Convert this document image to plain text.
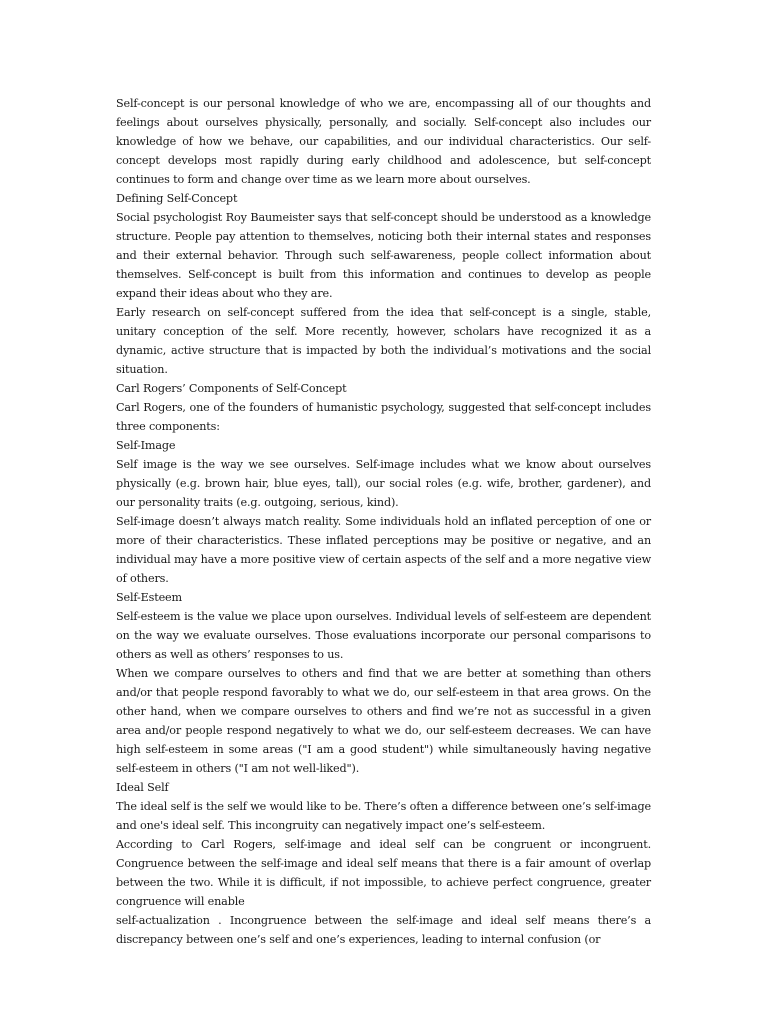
Self-concept is our personal knowledge of who we are, encompassing all of our thoughts and feelings about ourselves physically, personally, and socially. Self-concept also includes our knowledge of how we behave, our capabilities, and our individual characteristics. Our self-concept develops most rapidly during early childhood and adolescence, but self-concept continues to form and change over time as we learn more about ourselves.

Defining Self-Concept

Social psychologist Roy Baumeister says that self-concept should be understood as a knowledge structure. People pay attention to themselves, noticing both their internal states and responses and their external behavior. Through such self-awareness, people collect information about themselves. Self-concept is built from this information and continues to develop as people expand their ideas about who they are.

Early research on self-concept suffered from the idea that self-concept is a single, stable, unitary conception of the self. More recently, however, scholars have recognized it as a dynamic, active structure that is impacted by both the individual’s motivations and the social situation.

Carl Rogers’ Components of Self-Concept

Carl Rogers, one of the founders of humanistic psychology, suggested that self-concept includes three components:

Self-Image

Self image is the way we see ourselves. Self-image includes what we know about ourselves physically (e.g. brown hair, blue eyes, tall), our social roles (e.g. wife, brother, gardener), and our personality traits (e.g. outgoing, serious, kind).

Self-image doesn’t always match reality. Some individuals hold an inflated perception of one or more of their characteristics. These inflated perceptions may be positive or negative, and an individual may have a more positive view of certain aspects of the self and a more negative view of others.

Self-Esteem

Self-esteem is the value we place upon ourselves. Individual levels of self-esteem are dependent on the way we evaluate ourselves. Those evaluations incorporate our personal comparisons to others as well as others’ responses to us.

When we compare ourselves to others and find that we are better at something than others and/or that people respond favorably to what we do, our self-esteem in that area grows. On the other hand, when we compare ourselves to others and find we’re not as successful in a given area and/or people respond negatively to what we do, our self-esteem decreases. We can have high self-esteem in some areas ("I am a good student") while simultaneously having negative self-esteem in others ("I am not well-liked").

Ideal Self

The ideal self is the self we would like to be. There’s often a difference between one’s self-image and one's ideal self. This incongruity can negatively impact one’s self-esteem.

According to Carl Rogers, self-image and ideal self can be congruent or incongruent. Congruence between the self-image and ideal self means that there is a fair amount of overlap between the two. While it is difficult, if not impossible, to achieve perfect congruence, greater congruence will enable

self-actualization . Incongruence between the self-image and ideal self means there’s a discrepancy between one’s self and one’s experiences, leading to internal confusion (or
